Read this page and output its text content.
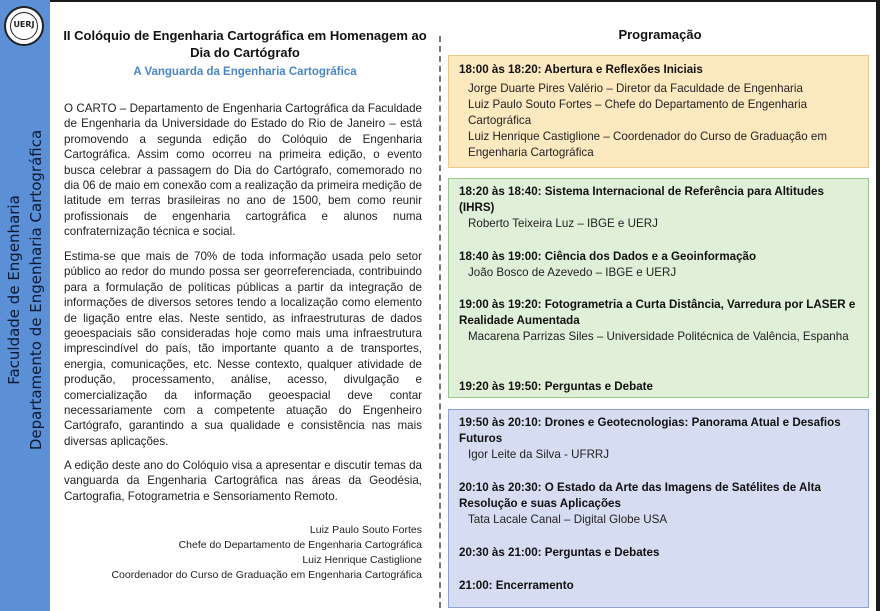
UERJ
Faculdade de Engenharia Departamento de Engenharia Cartográfica
II Colóquio de Engenharia Cartográfica em Homenagem ao Dia do Cartógrafo
A Vanguarda da Engenharia Cartográfica
O CARTO – Departamento de Engenharia Cartográfica da Faculdade de Engenharia da Universidade do Estado do Rio de Janeiro – está promovendo a segunda edição do Colóquio de Engenharia Cartográfica. Assim como ocorreu na primeira edição, o evento busca celebrar a passagem do Dia do Cartógrafo, comemorado no dia 06 de maio em conexão com a realização da primeira medição de latitude em terras brasileiras no ano de 1500, bem como reunir profissionais de engenharia cartográfica e alunos numa confraternização técnica e social.
Estima-se que mais de 70% de toda informação usada pelo setor público ao redor do mundo possa ser georreferenciada, contribuindo para a formulação de políticas públicas a partir da integração de informações de diversos setores tendo a localização como elemento de ligação entre elas. Neste sentido, as infraestruturas de dados geoespaciais são consideradas hoje como mais uma infraestrutura imprescindível do país, tão importante quanto a de transportes, energia, comunicações, etc. Nesse contexto, qualquer atividade de produção, processamento, análise, acesso, divulgação e comercialização da informação geoespacial deve contar necessariamente com a competente atuação do Engenheiro Cartógrafo, garantindo a sua qualidade e consistência nas mais diversas aplicações.
A edição deste ano do Colóquio visa a apresentar e discutir temas da vanguarda da Engenharia Cartográfica nas áreas da Geodésia, Cartografia, Fotogrametria e Sensoriamento Remoto.
Luiz Paulo Souto Fortes
Chefe do Departamento de Engenharia Cartográfica
Luiz Henrique Castiglione
Coordenador do Curso de Graduação em Engenharia Cartográfica
Programação
18:00 às 18:20: Abertura e Reflexões Iniciais
Jorge Duarte Pires Valério – Diretor da Faculdade de Engenharia
Luiz Paulo Souto Fortes – Chefe do Departamento de Engenharia Cartográfica
Luiz Henrique Castiglione – Coordenador do Curso de Graduação em Engenharia Cartográfica
18:20 às 18:40: Sistema Internacional de Referência para Altitudes (IHRS)
Roberto Teixeira Luz – IBGE e UERJ
18:40 às 19:00: Ciência dos Dados e a Geoinformação
João Bosco de Azevedo – IBGE e UERJ
19:00 às 19:20: Fotogrametria a Curta Distância, Varredura por LASER e Realidade Aumentada
Macarena Parrizas Siles – Universidade Politécnica de Valência, Espanha
19:20 às 19:50: Perguntas e Debate
19:50 às 20:10: Drones e Geotecnologias: Panorama Atual e Desafios Futuros
Igor Leite da Silva - UFRRJ
20:10 às 20:30: O Estado da Arte das Imagens de Satélites de Alta Resolução e suas Aplicações
Tata Lacale Canal – Digital Globe USA
20:30 às 21:00: Perguntas e Debates
21:00: Encerramento
